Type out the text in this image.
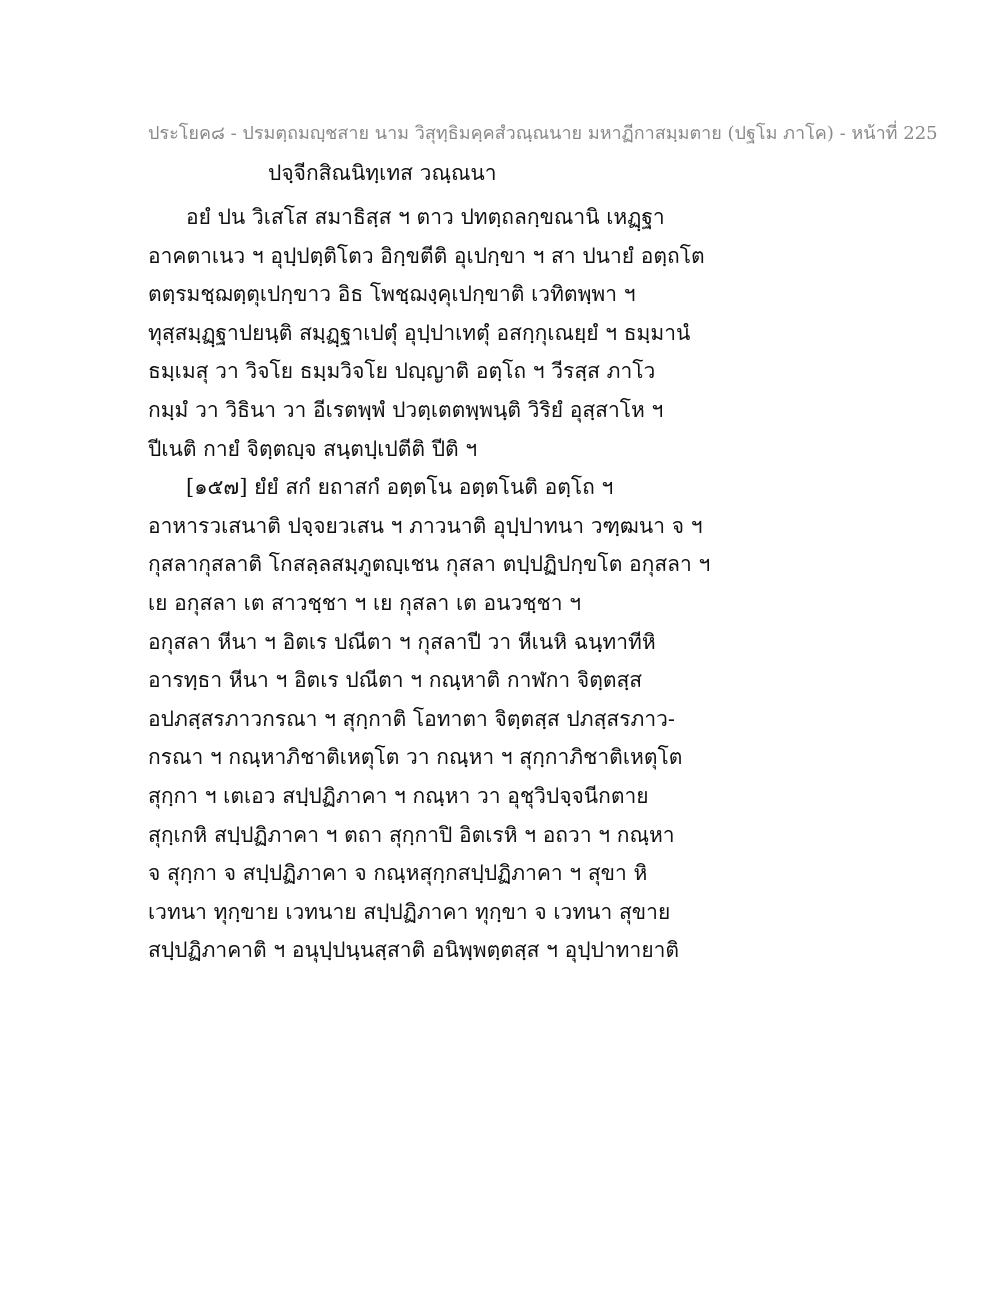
ประโยค๘ - ปรมตฺถมญฺชสาย นาม วิสุทฺธิมคฺคสํวณฺณนาย มหาฏีกาสมฺมตาย (ปฐโม ภาโค) - หน้าที่ 225
ปจฺจีกสิณนิทฺเทส วณฺณนา
อยํ ปน วิเสโส สมาธิสฺส ฯ ตาว ปทตฺถลกฺขณานิ เหฏฺฐา
อาคตาเนว ฯ อุปฺปตฺติโตว อิกฺขตีติ อุเปกฺขา ฯ สา ปนายํ อตฺถโต
ตตฺรมชฺฌตฺตุเปกฺขาว อิธ โพชฺฌงฺคุเปกฺขาติ เวทิตพฺพา ฯ
ทุสฺสมฺฏฺฐาปยนฺติ สมฺฏฺฐาเปตุํ อุปฺปาเทตุํ อสกฺกุเณยฺยํ ฯ ธมฺมานํ
ธมฺเมสุ วา วิจโย ธมฺมวิจโย ปญฺญาติ อตฺโถ ฯ วีรสฺส ภาโว
กมฺมํ วา วิธินา วา อีเรตพฺพํ ปวตฺเตตพฺพนฺติ วิริยํ อุสฺสาโห ฯ
ปีเนติ กายํ จิตฺตญฺจ สนฺตปฺเปตีติ ปีติ ฯ
[๑๕๗] ยํยํ สกํ ยถาสกํ อตฺตโน อตฺตโนติ อตฺโถ ฯ
อาหารวเสนาติ ปจฺจยวเสน ฯ ภาวนาติ อุปฺปาทนา วฑฺฒนา จ ฯ
กุสลากุสลาติ โกสลฺลสมฺภูตญฺเชน กุสลา ตปฺปฏิปกฺขโต อกุสลา ฯ
เย อกุสลา เต สาวชฺชา ฯ เย กุสลา เต อนวชฺชา ฯ
อกุสลา หีนา ฯ อิตเร ปณีตา ฯ กุสลาปี วา หีเนหิ ฉนฺทาทีหิ
อารทฺธา หีนา ฯ อิตเร ปณีตา ฯ กณฺหาติ กาฬกา จิตฺตสฺส
อปภสฺสรภาวกรณา ฯ สุกฺกาติ โอทาตา จิตฺตสฺส ปภสฺสรภาว-
กรณา ฯ กณฺหาภิชาติเหตุโต วา กณฺหา ฯ สุกฺกาภิชาติเหตุโต
สุกฺกา ฯ เตเอว สปฺปฏิภาคา ฯ กณฺหา วา อุชุวิปจฺจนีกตาย
สุกฺเกหิ สปฺปฏิภาคา ฯ ตถา สุกฺกาปิ อิตเรหิ ฯ อถวา ฯ กณฺหา
จ สุกฺกา จ สปฺปฏิภาคา จ กณฺหสุกฺกสปฺปฏิภาคา ฯ สุขา หิ
เวทนา ทุกฺขาย เวทนาย สปฺปฏิภาคา ทุกฺขา จ เวทนา สุขาย
สปฺปฏิภาคาติ ฯ อนุปฺปนฺนสฺสาติ อนิพฺพตฺตสฺส ฯ อุปฺปาทายาติ
